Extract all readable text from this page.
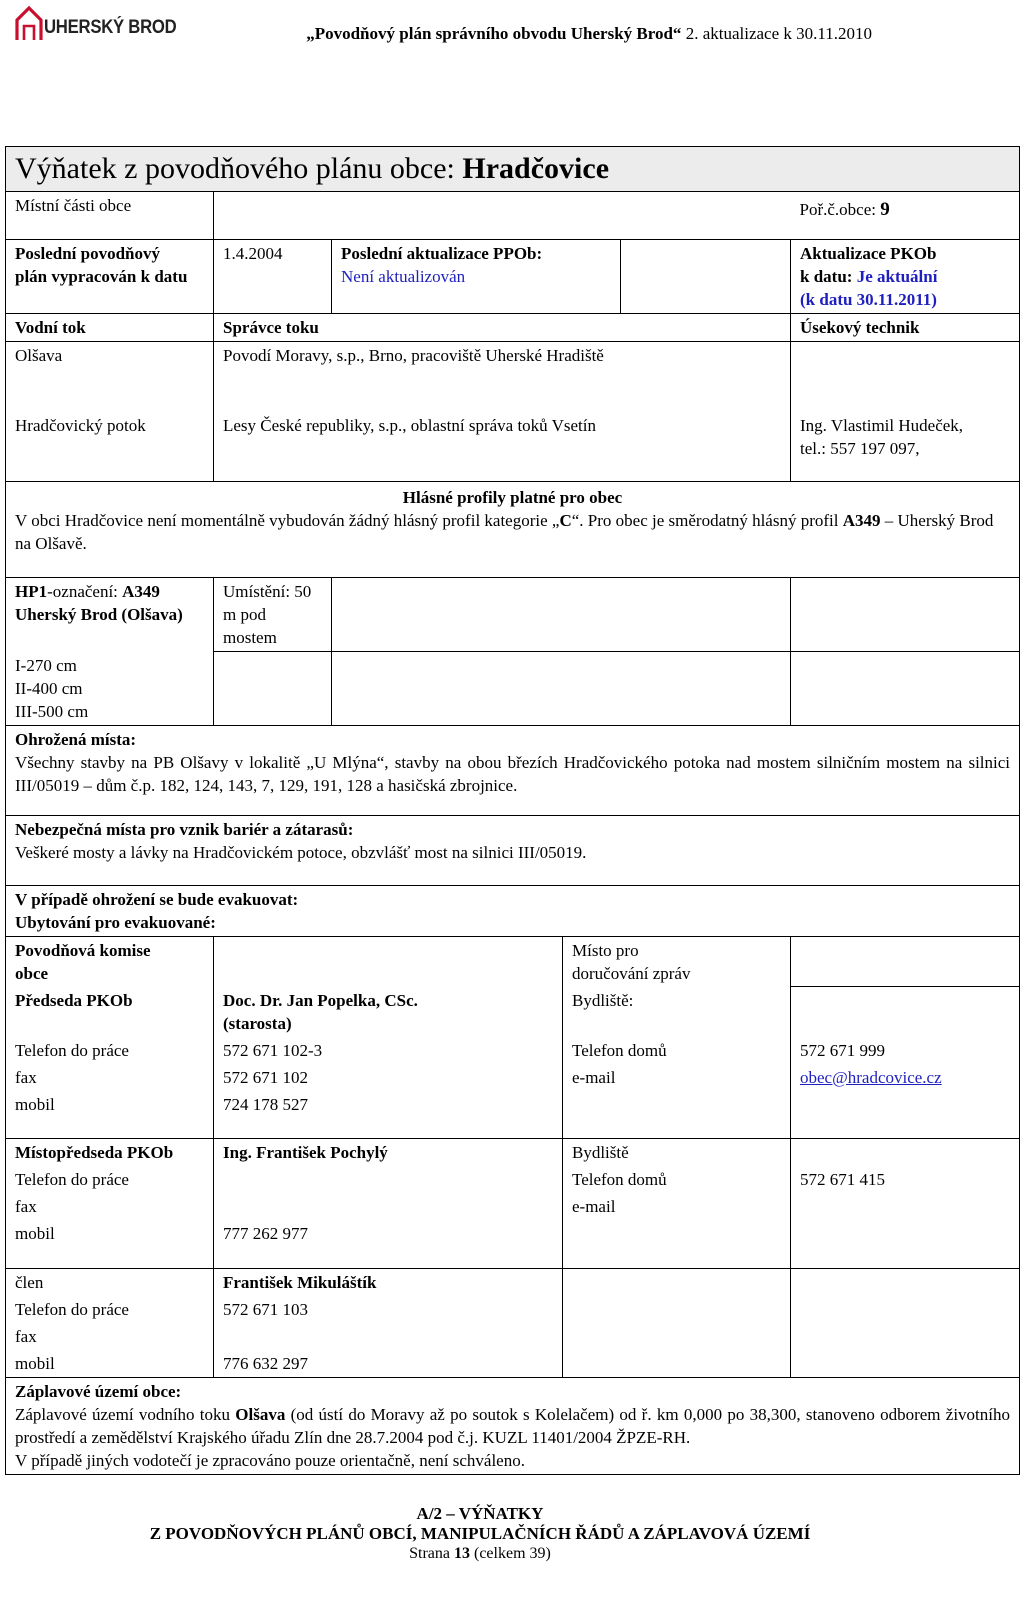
UHERSKÝ BROD	„Povodňový plán správního obvodu Uherský Brod“ 2. aktualizace k 30.11.2010
Výňatek z povodňového plánu obce: Hradčovice					
Místní části obce					Poř.č.obce: 9
Poslední povodňový
plán vypracován k datu	1.4.2004	Poslední aktualizace PPOb:
Není aktualizován			Aktualizace PKOb
k datu: Je aktuální
(k datu 30.11.2011)
Vodní tok	Správce toku				Úsekový technik
Olšava	Povodí Moravy, s.p., Brno, pracoviště Uherské Hradiště				
Hradčovický potok	Lesy České republiky, s.p., oblastní správa toků Vsetín				Ing. Vlastimil Hudeček,
tel.: 557 197 097,

Hlásné profily platné pro obec
V obci Hradčovice není momentálně vybudován žádný hlásný profil kategorie „C“. Pro obec je směrodatný hlásný profil A349 – Uherský Brod na Olšavě.					

HP1-označení: A349
Uherský Brod (Olšava)	Umístění: 50 m pod
mostem				
I-270 cm
II-400 cm
III-500 cm					
Ohrožená místa:
Všechny stavby na PB Olšavy v lokalitě „U Mlýna“, stavby na obou březích Hradčovického potoka nad mostem silničním mostem na silnici III/05019 – dům č.p. 182, 124, 143, 7, 129, 191, 128 a hasičská zbrojnice.					
Nebezpečná místa pro vznik bariér a zátarasů:
Veškeré mosty a lávky na Hradčovickém potoce, obzvlášť most na silnici III/05019.					
V případě ohrožení se bude evakuovat:
Ubytování pro evakuované:					
Povodňová komise
obce			Místo pro
doručování zpráv		
Předseda PKOb	Doc. Dr. Jan Popelka, CSc.
(starosta)		Bydliště:		
Telefon do práce	572 671 102-3		Telefon domů		572 671 999
fax	572 671 102		e-mail		obec@hradcovice.cz
mobil	724 178 527				
Místopředseda PKOb	Ing. František Pochylý		Bydliště		
Telefon do práce			Telefon domů		572 671 415
fax			e-mail		
mobil	777 262 977				
člen	František Mikuláštík				
Telefon do práce	572 671 103				
fax					
mobil	776 632 297				
Záplavové území obce:
Záplavové území vodního toku Olšava (od ústí do Moravy až po soutok s Kolelačem) od ř. km 0,000 po 38,300, stanoveno odborem životního prostředí a zemědělství Krajského úřadu Zlín dne 28.7.2004 pod č.j. KUZL 11401/2004 ŽPZE-RH.
V případě jiných vodotečí je zpracováno pouze orientačně, není schváleno.					
A/2 – VÝŇATKY
Z POVODŇOVÝCH PLÁNŮ OBCÍ, MANIPULAČNÍCH ŘÁDŮ A ZÁPLAVOVÁ ÚZEMÍ
Strana 13 (celkem 39)
